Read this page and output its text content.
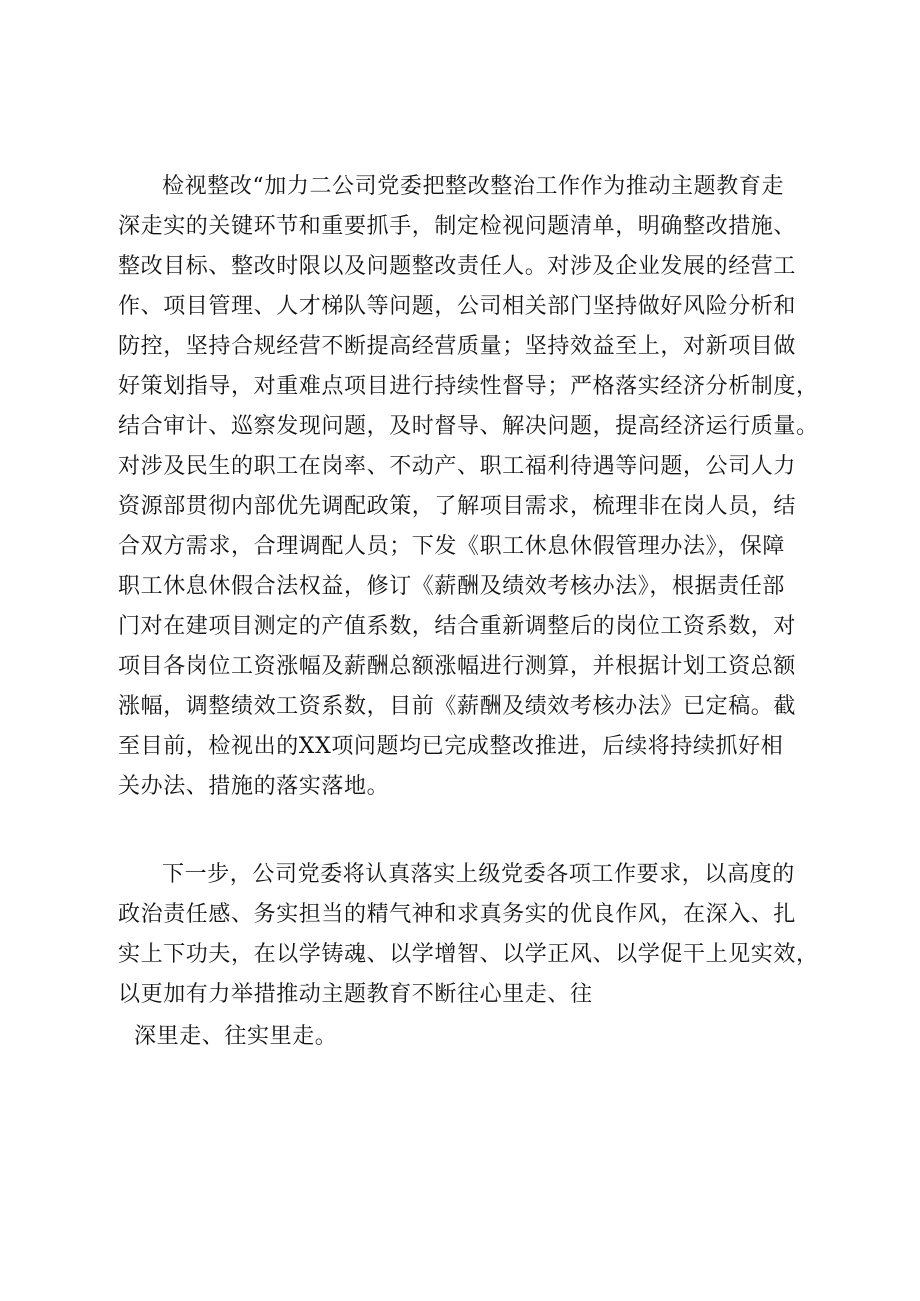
检视整改“加力二公司党委把整改整治工作作为推动主题教育走
深走实的关键环节和重要抓手，制定检视问题清单，明确整改措施、
整改目标、整改时限以及问题整改责任人。对涉及企业发展的经营工
作、项目管理、人才梯队等问题，公司相关部门坚持做好风险分析和
防控，坚持合规经营不断提高经营质量；坚持效益至上，对新项目做
好策划指导，对重难点项目进行持续性督导；严格落实经济分析制度，
结合审计、巡察发现问题，及时督导、解决问题，提高经济运行质量。
对涉及民生的职工在岗率、不动产、职工福利待遇等问题，公司人力
资源部贯彻内部优先调配政策，了解项目需求，梳理非在岗人员，结
合双方需求，合理调配人员；下发《职工休息休假管理办法》，保障
职工休息休假合法权益，修订《薪酬及绩效考核办法》，根据责任部
门对在建项目测定的产值系数，结合重新调整后的岗位工资系数，对
项目各岗位工资涨幅及薪酬总额涨幅进行测算，并根据计划工资总额
涨幅，调整绩效工资系数，目前《薪酬及绩效考核办法》已定稿。截
至目前，检视出的XX项问题均已完成整改推进，后续将持续抓好相
关办法、措施的落实落地。
下一步，公司党委将认真落实上级党委各项工作要求，以高度的
政治责任感、务实担当的精气神和求真务实的优良作风，在深入、扎
实上下功夫，在以学铸魂、以学增智、以学正风、以学促干上见实效，
以更加有力举措推动主题教育不断往心里走、往
深里走、往实里走。
